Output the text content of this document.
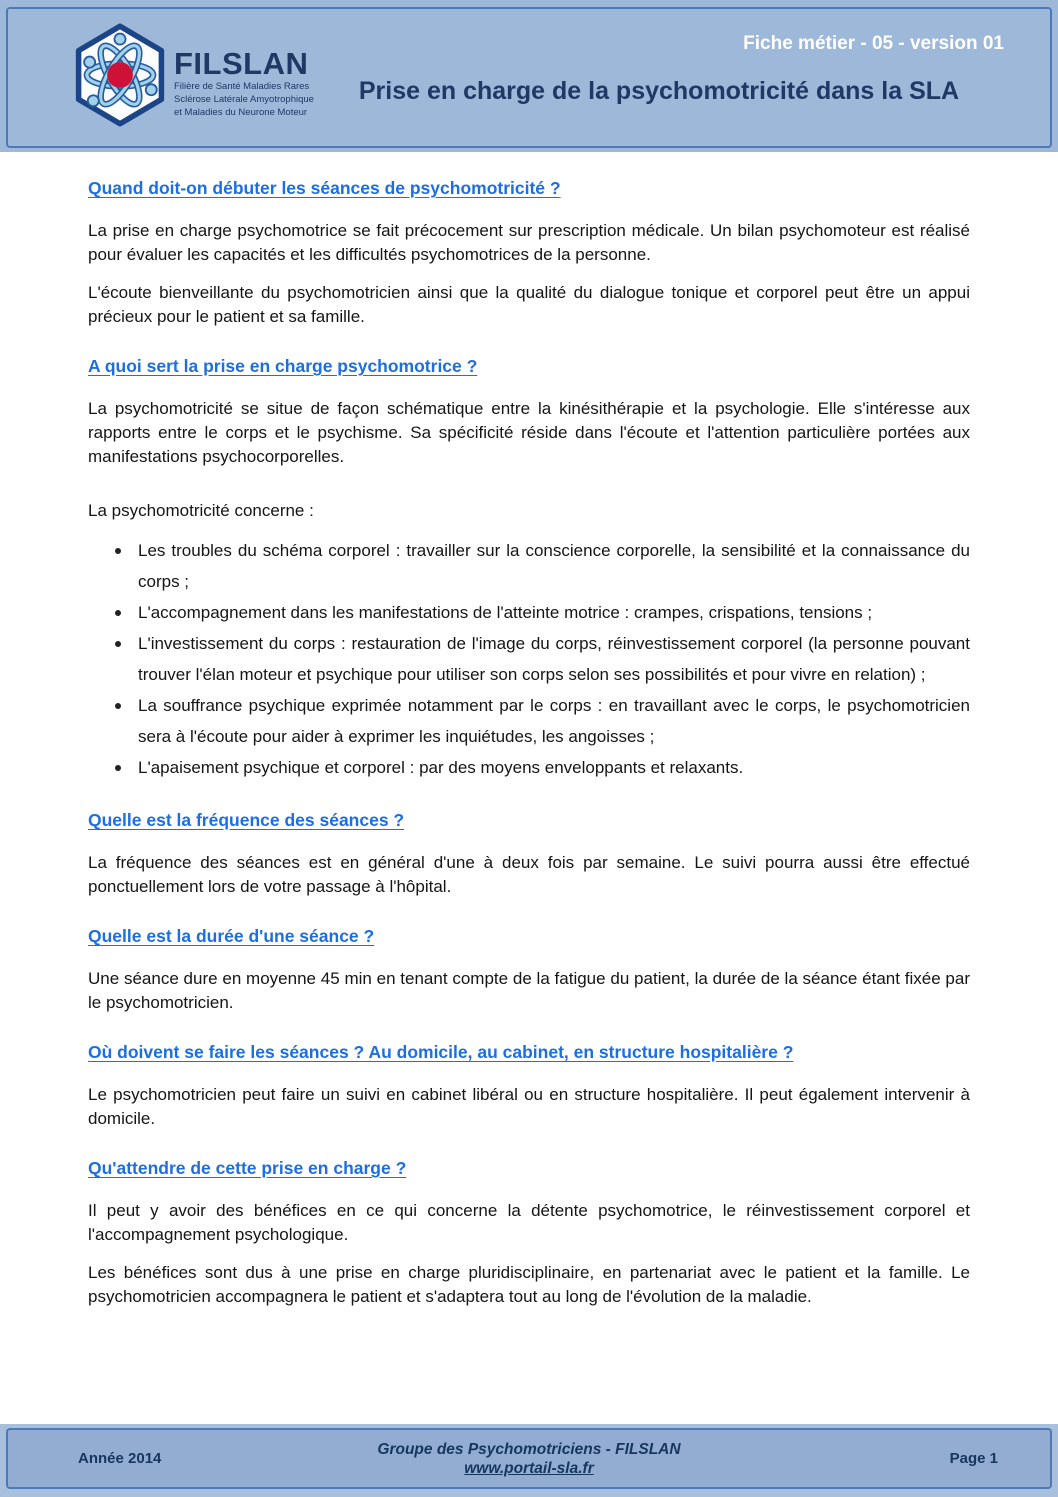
FILSLAN
Filière de Santé Maladies Rares
Sclérose Latérale Amyotrophique
et Maladies du Neurone Moteur
Fiche métier - 05 - version 01
Prise en charge de la psychomotricité dans la SLA
Quand doit-on débuter les séances de psychomotricité ?

La prise en charge psychomotrice se fait précocement sur prescription médicale. Un bilan psychomoteur est réalisé pour évaluer les capacités et les difficultés psychomotrices de la personne.

L'écoute bienveillante du psychomotricien ainsi que la qualité du dialogue tonique et corporel peut être un appui précieux pour le patient et sa famille.

A quoi sert la prise en charge psychomotrice ?

La psychomotricité se situe de façon schématique entre la kinésithérapie et la psychologie. Elle s'intéresse aux rapports entre le corps et le psychisme. Sa spécificité réside dans l'écoute et l'attention particulière portées aux manifestations psychocorporelles.

La psychomotricité concerne :

Les troubles du schéma corporel : travailler sur la conscience corporelle, la sensibilité et la connaissance du corps ;
L'accompagnement dans les manifestations de l'atteinte motrice : crampes, crispations, tensions ;
L'investissement du corps : restauration de l'image du corps, réinvestissement corporel (la personne pouvant trouver l'élan moteur et psychique pour utiliser son corps selon ses possibilités et pour vivre en relation) ;
La souffrance psychique exprimée notamment par le corps : en travaillant avec le corps, le psychomotricien sera à l'écoute pour aider à exprimer les inquiétudes, les angoisses ;
L'apaisement psychique et corporel : par des moyens enveloppants et relaxants.
Quelle est la fréquence des séances ?

La fréquence des séances est en général d'une à deux fois par semaine. Le suivi pourra aussi être effectué ponctuellement lors de votre passage à l'hôpital.

Quelle est la durée d'une séance ?

Une séance dure en moyenne 45 min en tenant compte de la fatigue du patient, la durée de la séance étant fixée par le psychomotricien.

Où doivent se faire les séances ? Au domicile, au cabinet, en structure hospitalière ?

Le psychomotricien peut faire un suivi en cabinet libéral ou en structure hospitalière. Il peut également intervenir à domicile.

Qu'attendre de cette prise en charge ?

Il peut y avoir des bénéfices en ce qui concerne la détente psychomotrice, le réinvestissement corporel et l'accompagnement psychologique.

Les bénéfices sont dus à une prise en charge pluridisciplinaire, en partenariat avec le patient et la famille. Le psychomotricien accompagnera le patient et s'adaptera tout au long de l'évolution de la maladie.

Année 2014
Groupe des Psychomotriciens - FILSLAN
www.portail-sla.fr
Page 1
